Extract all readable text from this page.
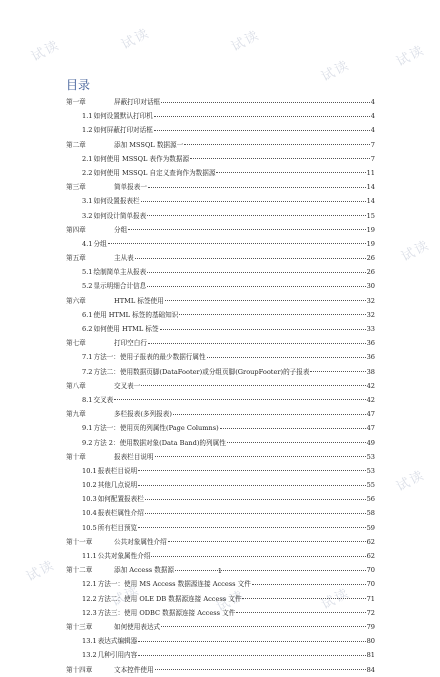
试读	试读	试读
试读
试读
试读
试读
试读
试读	试读	试读
目录
第一章	屏蔽打印对话框	4
1.1 如何设置默认打印机	4
1.2 如何屏蔽打印对话框	4
第二章	添加 MSSQL 数据源一	7
2.1 如何使用 MSSQL 表作为数据源	7
2.2 如何使用 MSSQL 自定义查询作为数据源	11
第三章	简单报表一	14
3.1 如何设置报表栏	14
3.2 如何设计简单报表	15
第四章	分组	19
4.1 分组	19
第五章	主从表	26
5.1 绘制简单主从报表	26
5.2 显示明细合计信息	30
第六章	HTML 标签使用	32
6.1 使用 HTML 标签的基础知识	32
6.2 如何使用 HTML 标签	33
第七章	打印空白行	36
7.1 方法一：使用子报表的最少数据行属性	36
7.2 方法二：使用数据页脚(DataFooter)或分组页脚(GroupFooter)的子报表	38
第八章	交叉表一	42
8.1 交叉表	42
第九章	多栏报表(多列报表)	47
9.1 方法一：使用页的列属性(Page Columns)	47
9.2 方法 2：使用数据对象(Data Band)的列属性	49
第十章	报表栏目说明	53
10.1 报表栏目说明	53
10.2 其他几点说明	55
10.3 如何配置报表栏	56
10.4 报表栏属性介绍	58
10.5 所有栏目预览	59
第十一章	公共对象属性介绍	62
11.1 公共对象属性介绍	62
第十二章	添加 Access 数据源	70
12.1 方法一：使用 MS Access 数据源连接 Access 文件	70
12.2 方法二：使用 OLE DB 数据源连接 Access 文件	71
12.3 方法三：使用 ODBC 数据源连接 Access 文件	72
第十三章	如何使用表达式	79
13.1 表达式编辑器	80
13.2 几种引用内容	81
第十四章	文本控件使用	84
1
